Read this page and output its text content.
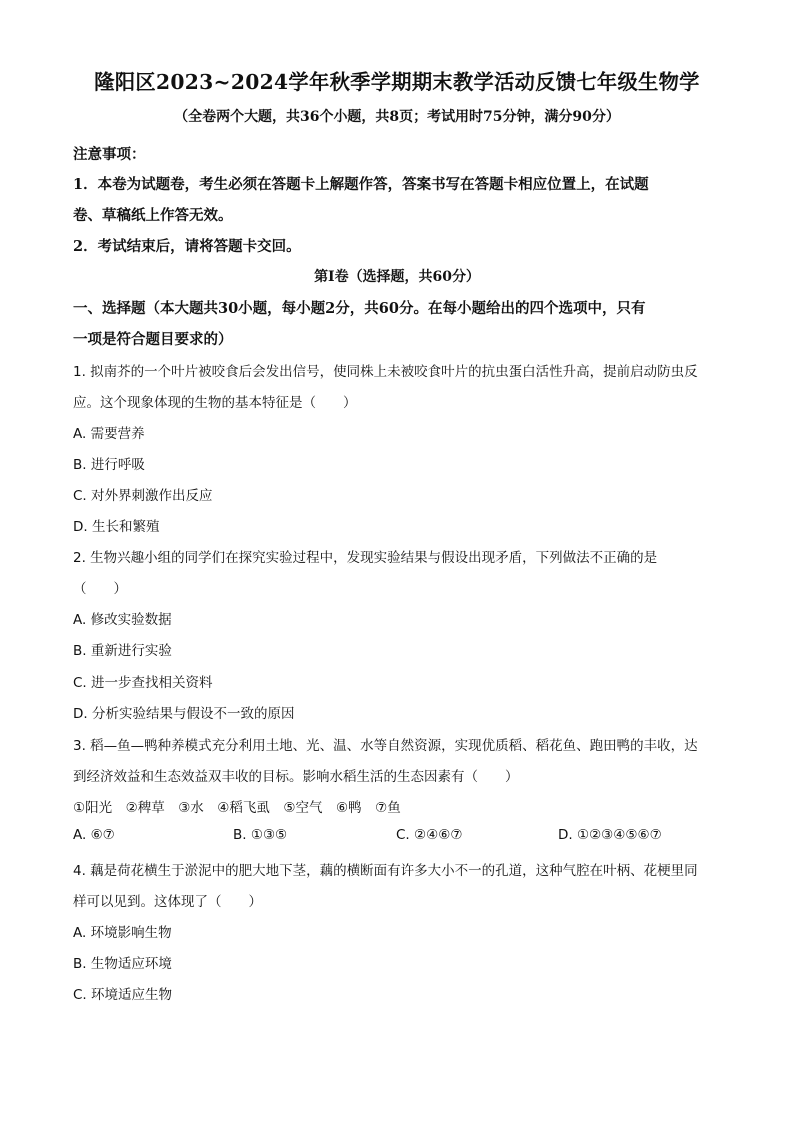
隆阳区2023~2024学年秋季学期期末教学活动反馈七年级生物学
（全卷两个大题，共36个小题，共8页；考试用时75分钟，满分90分）
注意事项：
1．本卷为试题卷，考生必须在答题卡上解题作答，答案书写在答题卡相应位置上，在试题
卷、草稿纸上作答无效。
2．考试结束后，请将答题卡交回。
第Ⅰ卷（选择题，共60分）
一、选择题（本大题共30小题，每小题2分，共60分。在每小题给出的四个选项中，只有
一项是符合题目要求的）
1. 拟南芥的一个叶片被咬食后会发出信号，使同株上未被咬食叶片的抗虫蛋白活性升高，提前启动防虫反
应。这个现象体现的生物的基本特征是（　　）
A. 需要营养
B. 进行呼吸
C. 对外界刺激作出反应
D. 生长和繁殖
2. 生物兴趣小组的同学们在探究实验过程中，发现实验结果与假设出现矛盾，下列做法不正确的是
（　　）
A. 修改实验数据
B. 重新进行实验
C. 进一步查找相关资料
D. 分析实验结果与假设不一致的原因
3. 稻—鱼—鸭种养模式充分利用土地、光、温、水等自然资源，实现优质稻、稻花鱼、跑田鸭的丰收，达
到经济效益和生态效益双丰收的目标。影响水稻生活的生态因素有（　　）
①阳光　②稗草　③水　④稻飞虱　⑤空气　⑥鸭　⑦鱼
A. ⑥⑦	B. ①③⑤	C. ②④⑥⑦	D. ①②③④⑤⑥⑦
4. 藕是荷花横生于淤泥中的肥大地下茎，藕的横断面有许多大小不一的孔道，这种气腔在叶柄、花梗里同
样可以见到。这体现了（　　）
A. 环境影响生物
B. 生物适应环境
C. 环境适应生物
